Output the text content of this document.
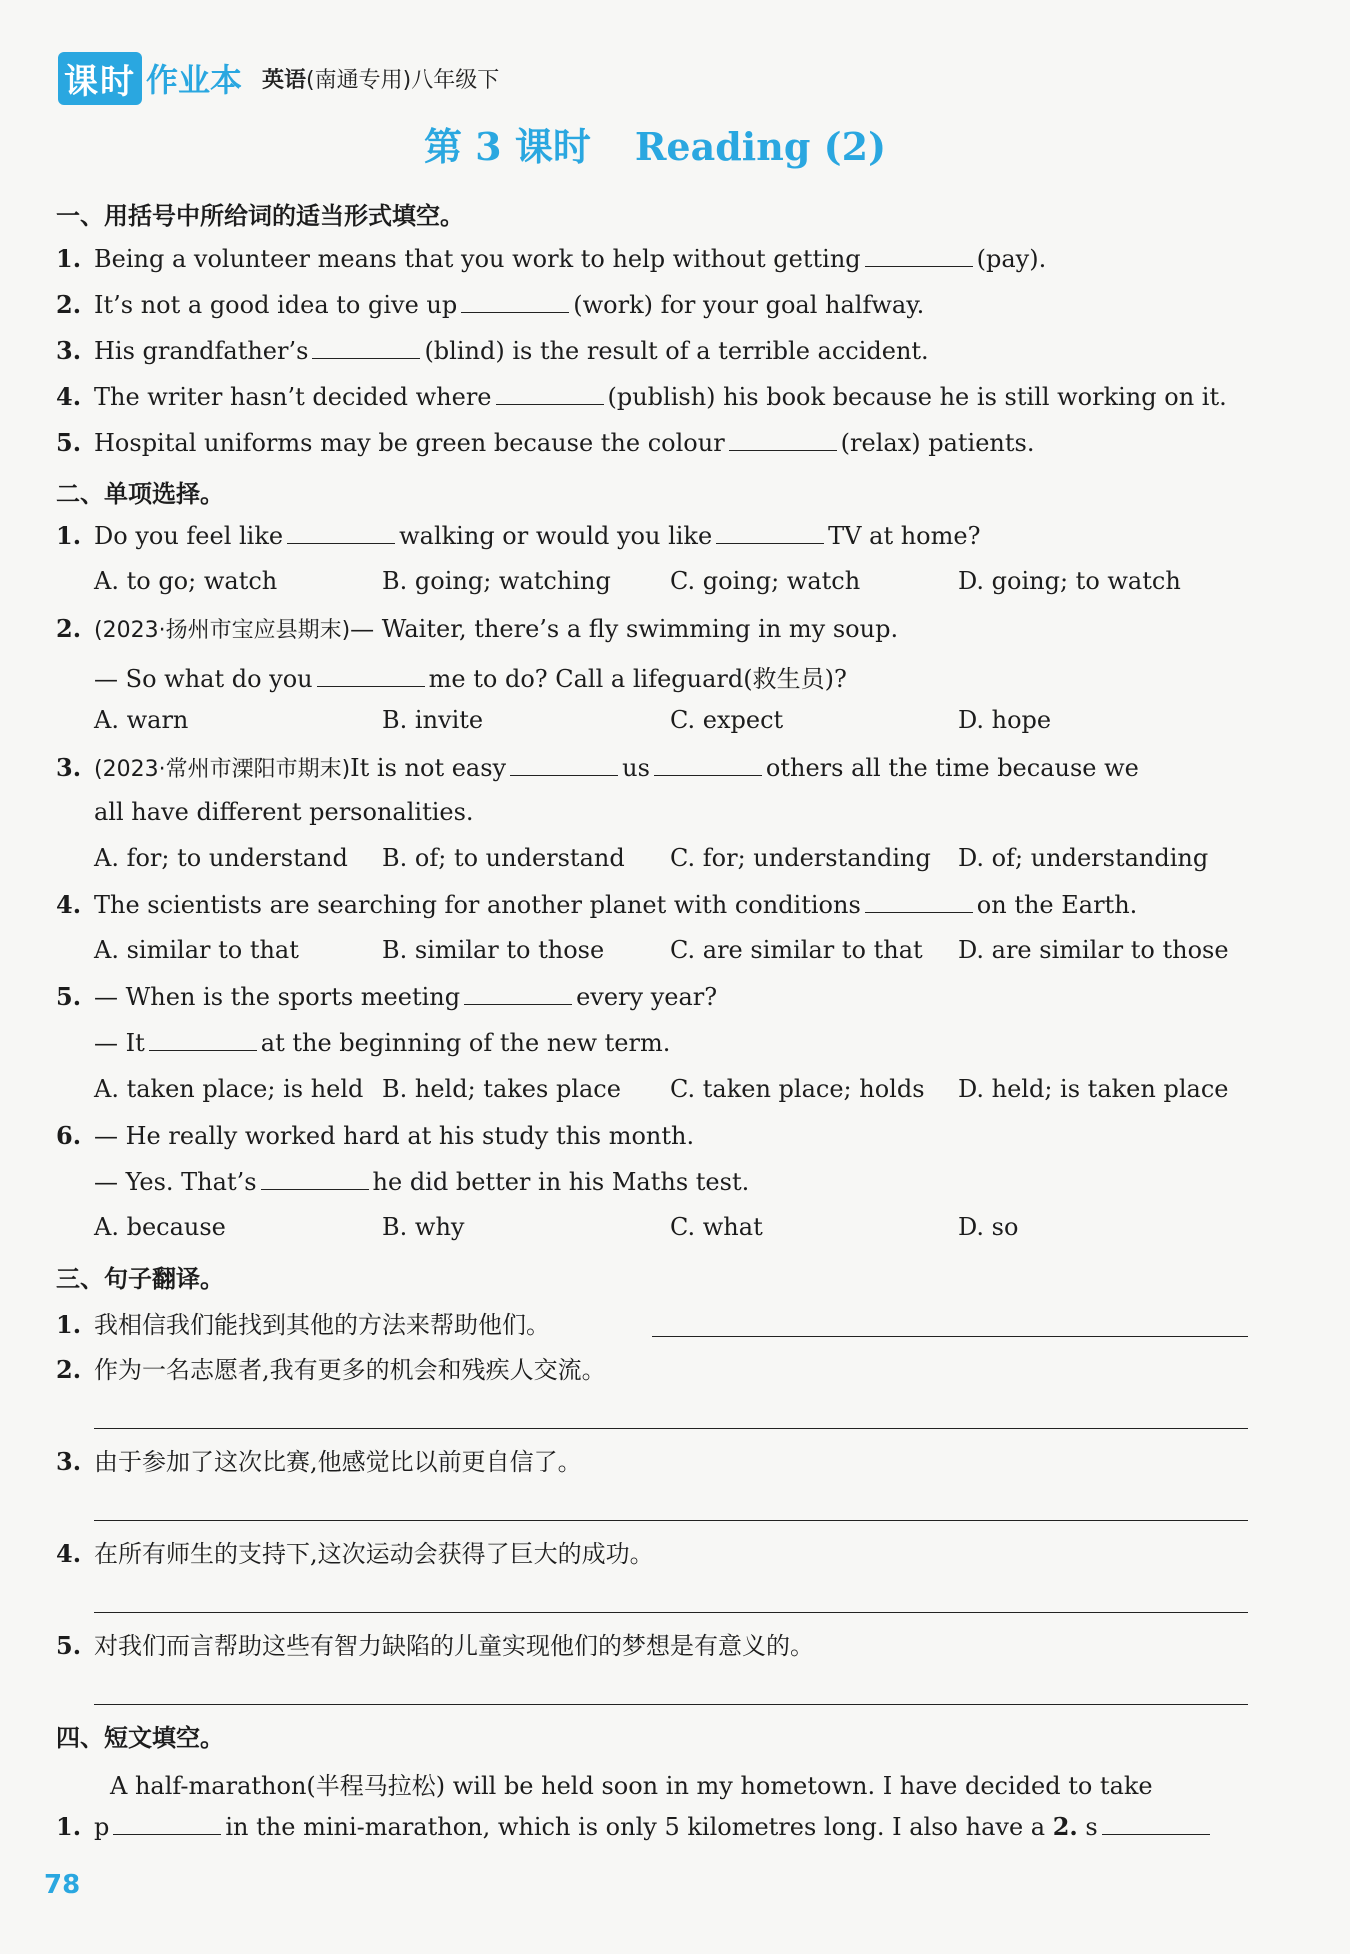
课时 作业本 英语(南通专用)八年级下
第 3 课时 Reading (2)
一、用括号中所给词的适当形式填空。
1. Being a volunteer means that you work to help without getting	(pay).
2. It’s not a good idea to give up	(work) for your goal halfway.
3. His grandfather’s	(blind) is the result of a terrible accident.
4. The writer hasn’t decided where	(publish) his book because he is still working on it.
5. Hospital uniforms may be green because the colour	(relax) patients.
二、单项选择。
1. Do you feel like	walking or would you like	TV at home?
A. to go; watch	B. going; watching C. going; watch	D. going; to watch
2. (2023·扬州市宝应县期末)— Waiter, there’s a fly swimming in my soup.
— So what do you	me to do? Call a lifeguard(救生员)?
A. warn	B. invite	C. expect	D. hope
3. (2023·常州市溧阳市期末)It is not easy	us	others all the time because we
all have different personalities.
A. for; to understand B. of; to understand C. for; understanding D. of; understanding
4. The scientists are searching for another planet with conditions	on the Earth.
A. similar to that	B. similar to those	C. are similar to that D. are similar to those
5. — When is the sports meeting	every year?
— It	at the beginning of the new term.
A. taken place; is held B. held; takes place C. taken place; holds D. held; is taken place
6. — He really worked hard at his study this month.
— Yes. That’s	he did better in his Maths test.
A. because	B. why	C. what	D. so
三、句子翻译。
1. 我相信我们能找到其他的方法来帮助他们。
2. 作为一名志愿者,我有更多的机会和残疾人交流。
3. 由于参加了这次比赛,他感觉比以前更自信了。
4. 在所有师生的支持下,这次运动会获得了巨大的成功。
5. 对我们而言帮助这些有智力缺陷的儿童实现他们的梦想是有意义的。
四、短文填空。
A half-marathon(半程马拉松) will be held soon in my hometown. I have decided to take
1. p	in the mini-marathon, which is only 5 kilometres long. I also have a 2. s
78
